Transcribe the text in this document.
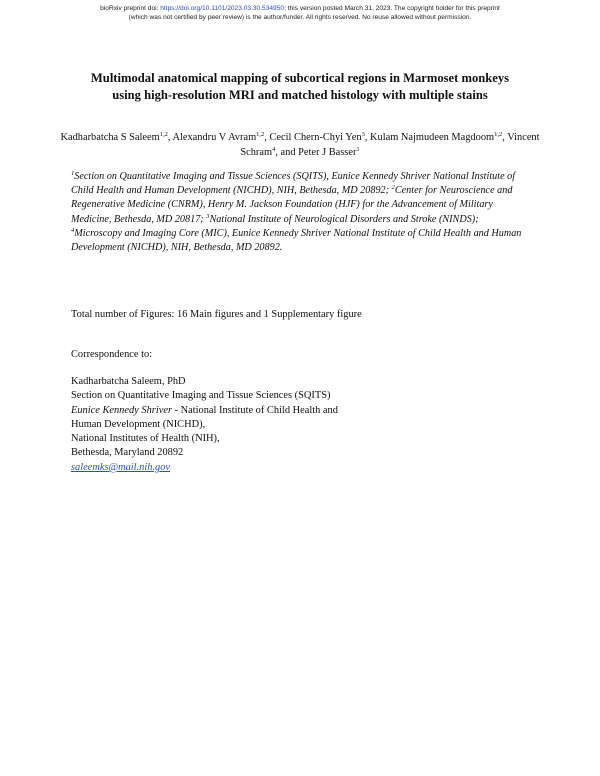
bioRxiv preprint doi: https://doi.org/10.1101/2023.03.30.534950; this version posted March 31, 2023. The copyright holder for this preprint
(which was not certified by peer review) is the author/funder. All rights reserved. No reuse allowed without permission.
Multimodal anatomical mapping of subcortical regions in Marmoset monkeys
using high-resolution MRI and matched histology with multiple stains
Kadharbatcha S Saleem$^{1,2}$, Alexandru V Avram$^{1,2}$, Cecil Chern-Chyi Yen$^3$, Kulam Najmudeen Magdoom$^{1,2}$, Vincent Schram$^4$, and Peter J Basser$^1$
$^1$Section on Quantitative Imaging and Tissue Sciences (SQITS), Eunice Kennedy Shriver National Institute of Child Health and Human Development (NICHD), NIH, Bethesda, MD 20892; $^2$Center for Neuroscience and Regenerative Medicine (CNRM), Henry M. Jackson Foundation (HJF) for the Advancement of Military Medicine, Bethesda, MD 20817; $^3$National Institute of Neurological Disorders and Stroke (NINDS); $^4$Microscopy and Imaging Core (MIC), Eunice Kennedy Shriver National Institute of Child Health and Human Development (NICHD), NIH, Bethesda, MD 20892.
Total number of Figures: 16 Main figures and 1 Supplementary figure
Correspondence to:
Kadharbatcha Saleem, PhD
Section on Quantitative Imaging and Tissue Sciences (SQITS)
Eunice Kennedy Shriver - National Institute of Child Health and
Human Development (NICHD),
National Institutes of Health (NIH),
Bethesda, Maryland 20892
saleemks@mail.nih.gov
